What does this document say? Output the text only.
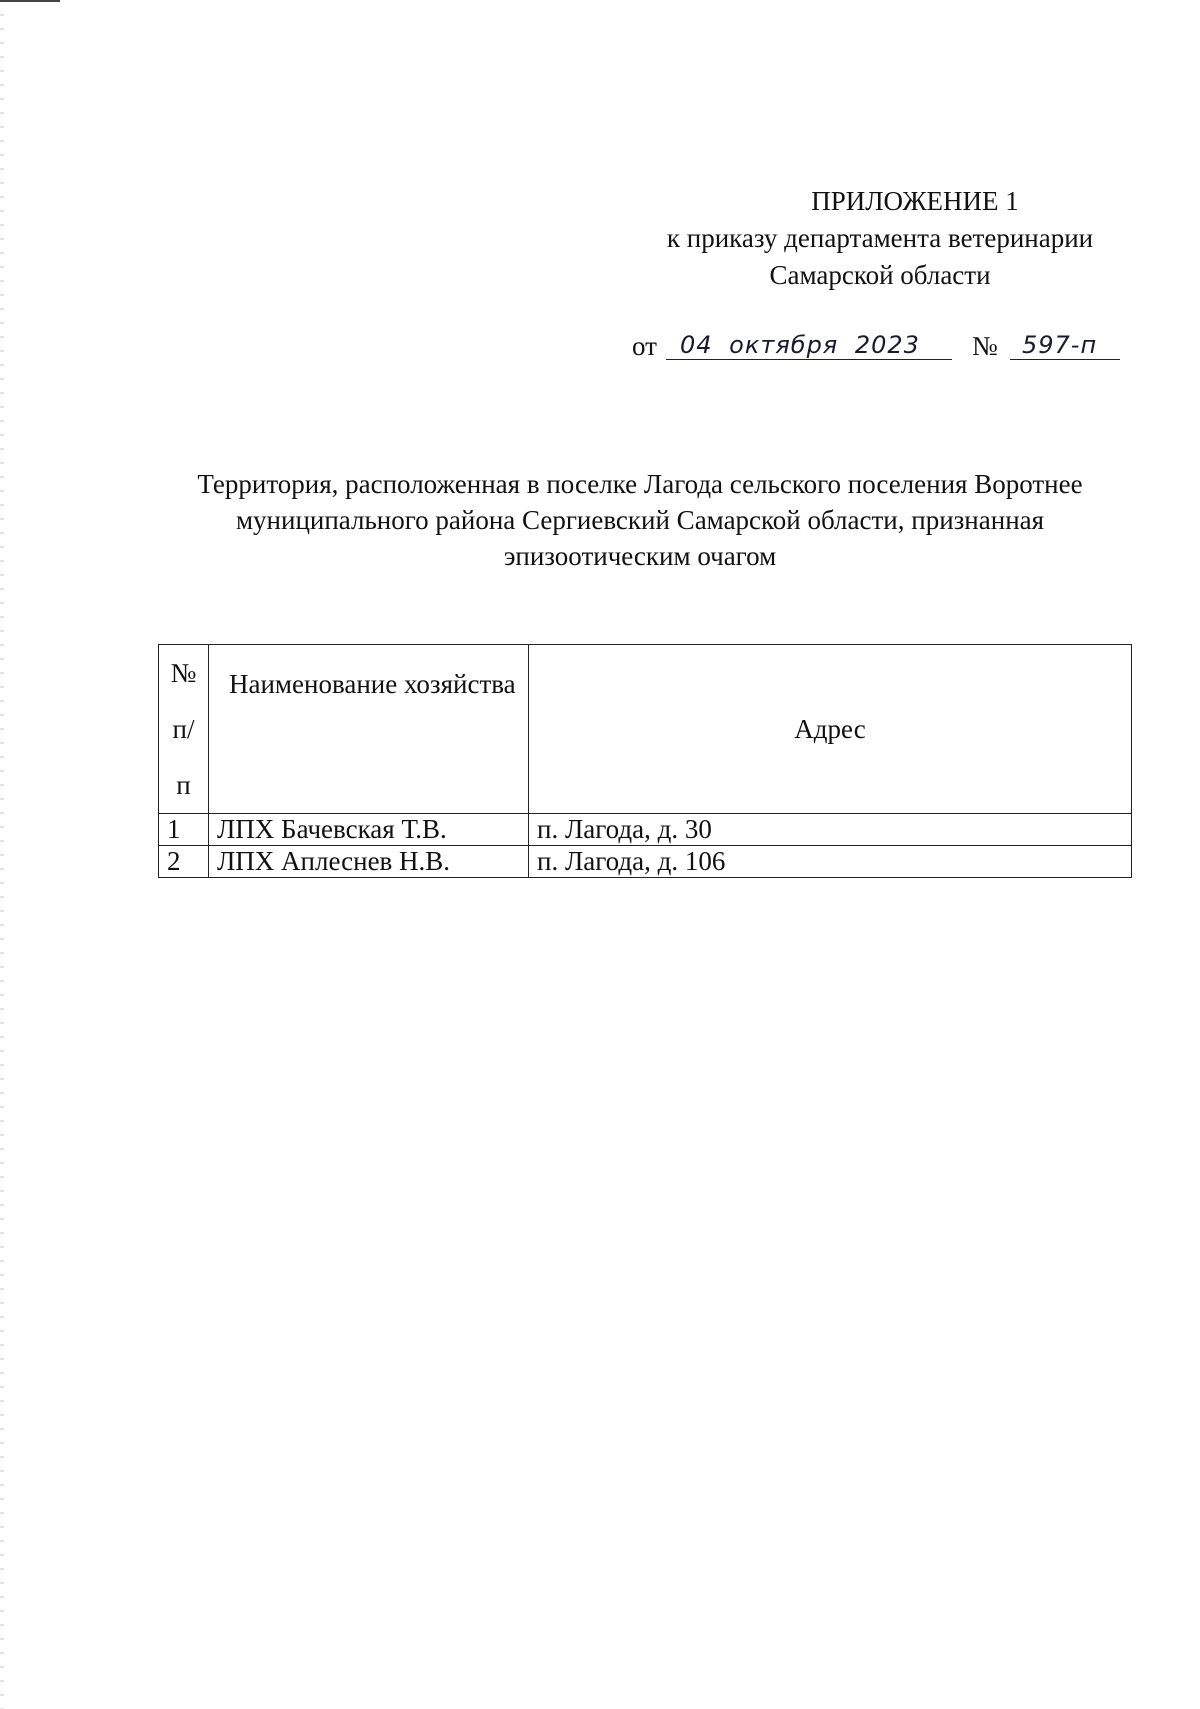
ПРИЛОЖЕНИЕ 1
к приказу департамента ветеринарии
Самарской области
от 04 октября 2023 № 597-п
Территория, расположенная в поселке Лагода сельского поселения Воротнее
муниципального района Сергиевский Самарской области, признанная
эпизоотическим очагом
№
п/п	Наименование хозяйства	Адрес
1	ЛПХ Бачевская Т.В.	п. Лагода, д. 30
2	ЛПХ Аплеснев Н.В.	п. Лагода, д. 106
